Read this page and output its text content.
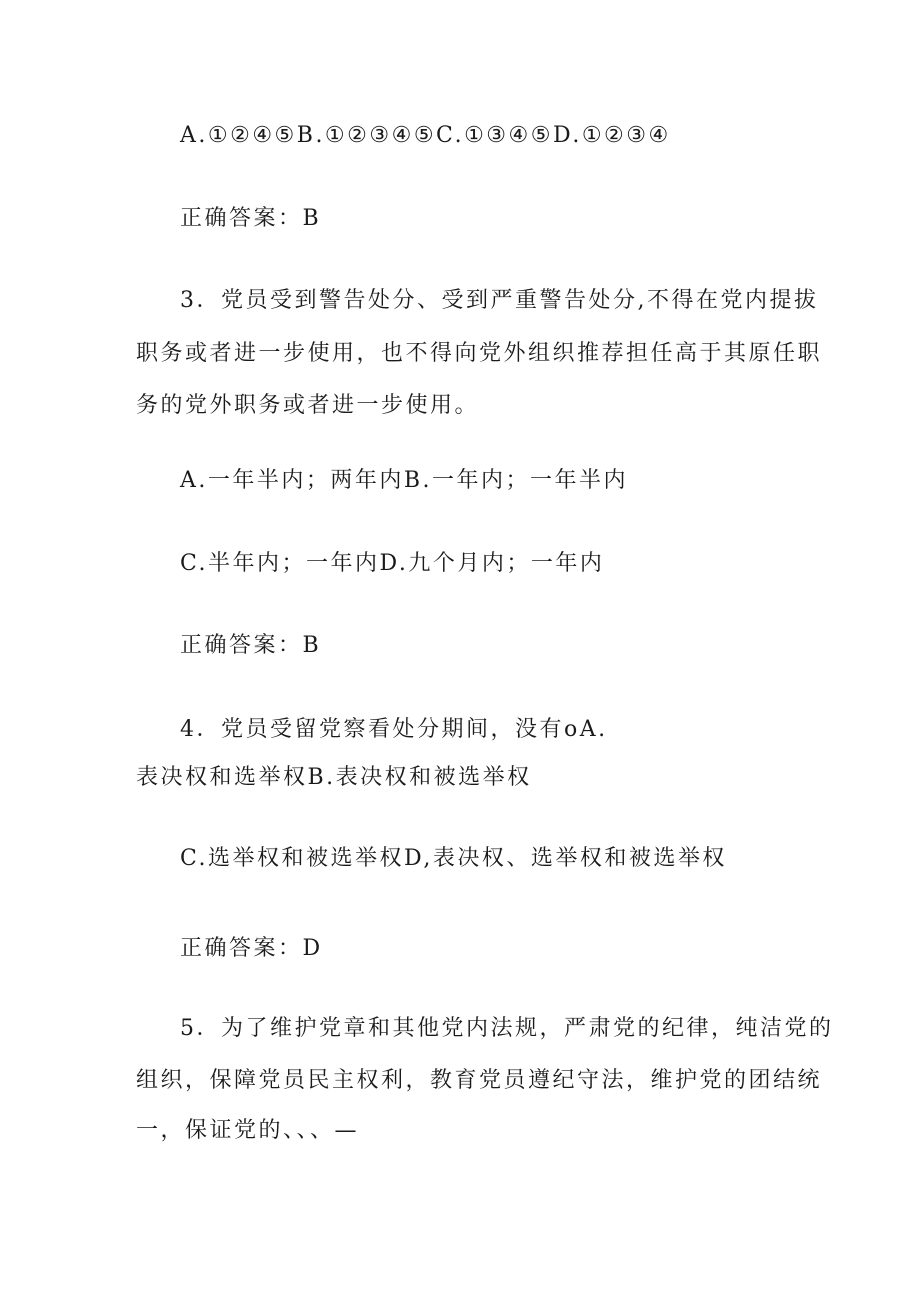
A.①②④⑤B.①②③④⑤C.①③④⑤D.①②③④
正确答案：B
3．党员受到警告处分、受到严重警告处分,不得在党内提拔
职务或者进一步使用，也不得向党外组织推荐担任高于其原任职
务的党外职务或者进一步使用。
A.一年半内；两年内B.一年内；一年半内
C.半年内；一年内D.九个月内；一年内
正确答案：B
4．党员受留党察看处分期间，没有oA.
表决权和选举权B.表决权和被选举权
C.选举权和被选举权D,表决权、选举权和被选举权
正确答案：D
5．为了维护党章和其他党内法规，严肃党的纪律，纯洁党的
组织，保障党员民主权利，教育党员遵纪守法，维护党的团结统
一，保证党的、、、—
